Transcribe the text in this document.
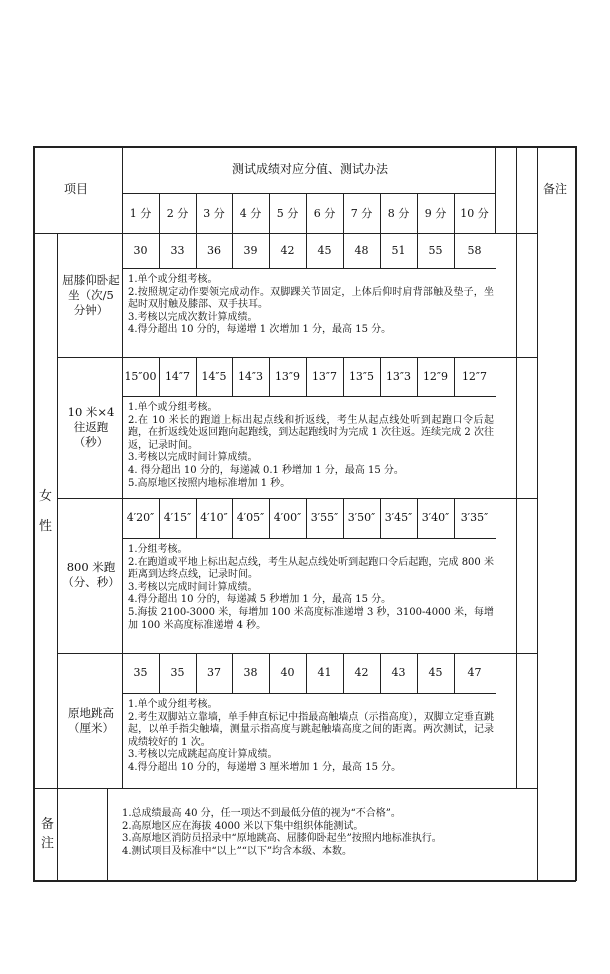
项目
测试成绩对应分值、测试办法
备注
1 分	2 分	3 分	4 分	5 分	6 分	7 分	8 分	9 分	10 分
女
性
屈膝仰卧起坐（次/5 分钟）
30	33	36	39	42	45	48	51	55	58

1.单个或分组考核。

2.按照规定动作要领完成动作。双脚踝关节固定，上体后仰时肩背部触及垫子，坐起时双肘触及膝部、双手扶耳。

3.考核以完成次数计算成绩。

4.得分超出 10 分的，每递增 1 次增加 1 分，最高 15 分。

10 米×4 往返跑（秒）
15″00 14″7	14″5	14″3	13″9	13″7	13″5	13″3	12″9	12″7

1.单个或分组考核。

2.在 10 米长的跑道上标出起点线和折返线，考生从起点线处听到起跑口令后起跑，在折返线处返回跑向起跑线，到达起跑线时为完成 1 次往返。连续完成 2 次往返，记录时间。

3.考核以完成时间计算成绩。

4. 得分超出 10 分的，每递减 0.1 秒增加 1 分，最高 15 分。

5.高原地区按照内地标准增加 1 秒。

800 米跑（分、秒）
4′20″ 4′15″ 4′10″ 4′05″ 4′00″ 3′55″ 3′50″ 3′45″ 3′40″	3′35″

1.分组考核。

2.在跑道或平地上标出起点线，考生从起点线处听到起跑口令后起跑，完成 800 米距离到达终点线，记录时间。

3.考核以完成时间计算成绩。

4.得分超出 10 分的，每递减 5 秒增加 1 分，最高 15 分。

5.海拔 2100-3000 米，每增加 100 米高度标准递增 3 秒，3100-4000 米，每增加 100 米高度标准递增 4 秒。

原地跳高（厘米）
35	35	37	38	40	41	42	43	45	47

1.单个或分组考核。

2.考生双脚站立靠墙，单手伸直标记中指最高触墙点（示指高度），双脚立定垂直跳起，以单手指尖触墙，测量示指高度与跳起触墙高度之间的距离。两次测试，记录成绩较好的 1 次。

3.考核以完成跳起高度计算成绩。

4.得分超出 10 分的，每递增 3 厘米增加 1 分，最高 15 分。

备
注

1.总成绩最高 40 分，任一项达不到最低分值的视为“不合格”。

2.高原地区应在海拔 4000 米以下集中组织体能测试。

3.高原地区消防员招录中“原地跳高、屈膝仰卧起坐”按照内地标准执行。

4.测试项目及标准中“以上”“以下”均含本级、本数。
